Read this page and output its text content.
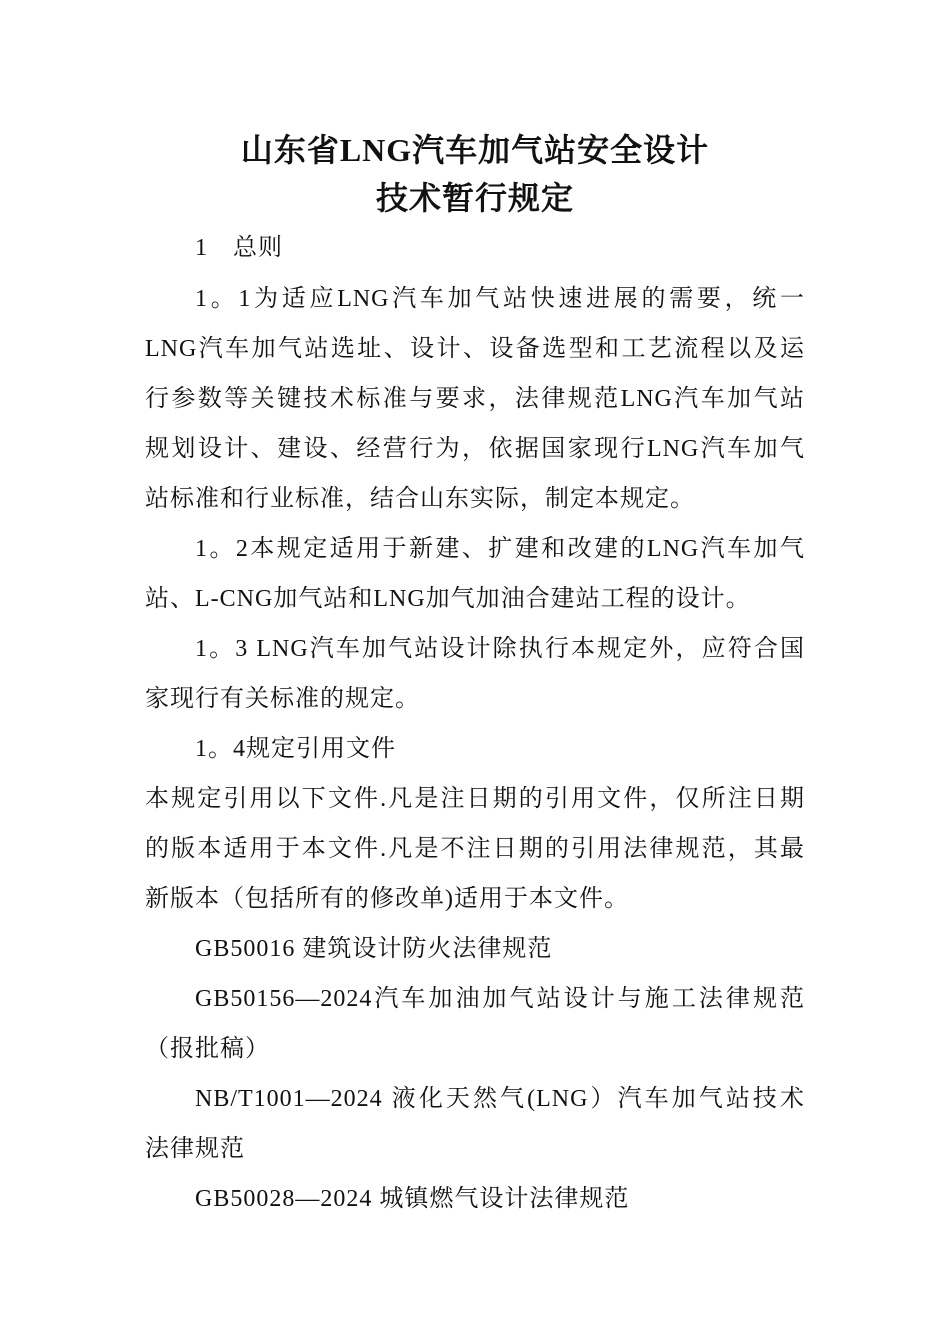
山东省LNG汽车加气站安全设计
技术暂行规定
1　总则
1。1为适应LNG汽车加气站快速进展的需要，统一
LNG汽车加气站选址、设计、设备选型和工艺流程以及运
行参数等关键技术标准与要求，法律规范LNG汽车加气站
规划设计、建设、经营行为，依据国家现行LNG汽车加气
站标准和行业标准，结合山东实际，制定本规定。
1。2本规定适用于新建、扩建和改建的LNG汽车加气
站、L-CNG加气站和LNG加气加油合建站工程的设计。
1。3 LNG汽车加气站设计除执行本规定外，应符合国
家现行有关标准的规定。
1。4规定引用文件
本规定引用以下文件.凡是注日期的引用文件，仅所注日期
的版本适用于本文件.凡是不注日期的引用法律规范，其最
新版本（包括所有的修改单)适用于本文件。
GB50016 建筑设计防火法律规范
GB50156—2024汽车加油加气站设计与施工法律规范
（报批稿）
NB/T1001—2024 液化天然气(LNG）汽车加气站技术
法律规范
GB50028—2024 城镇燃气设计法律规范
